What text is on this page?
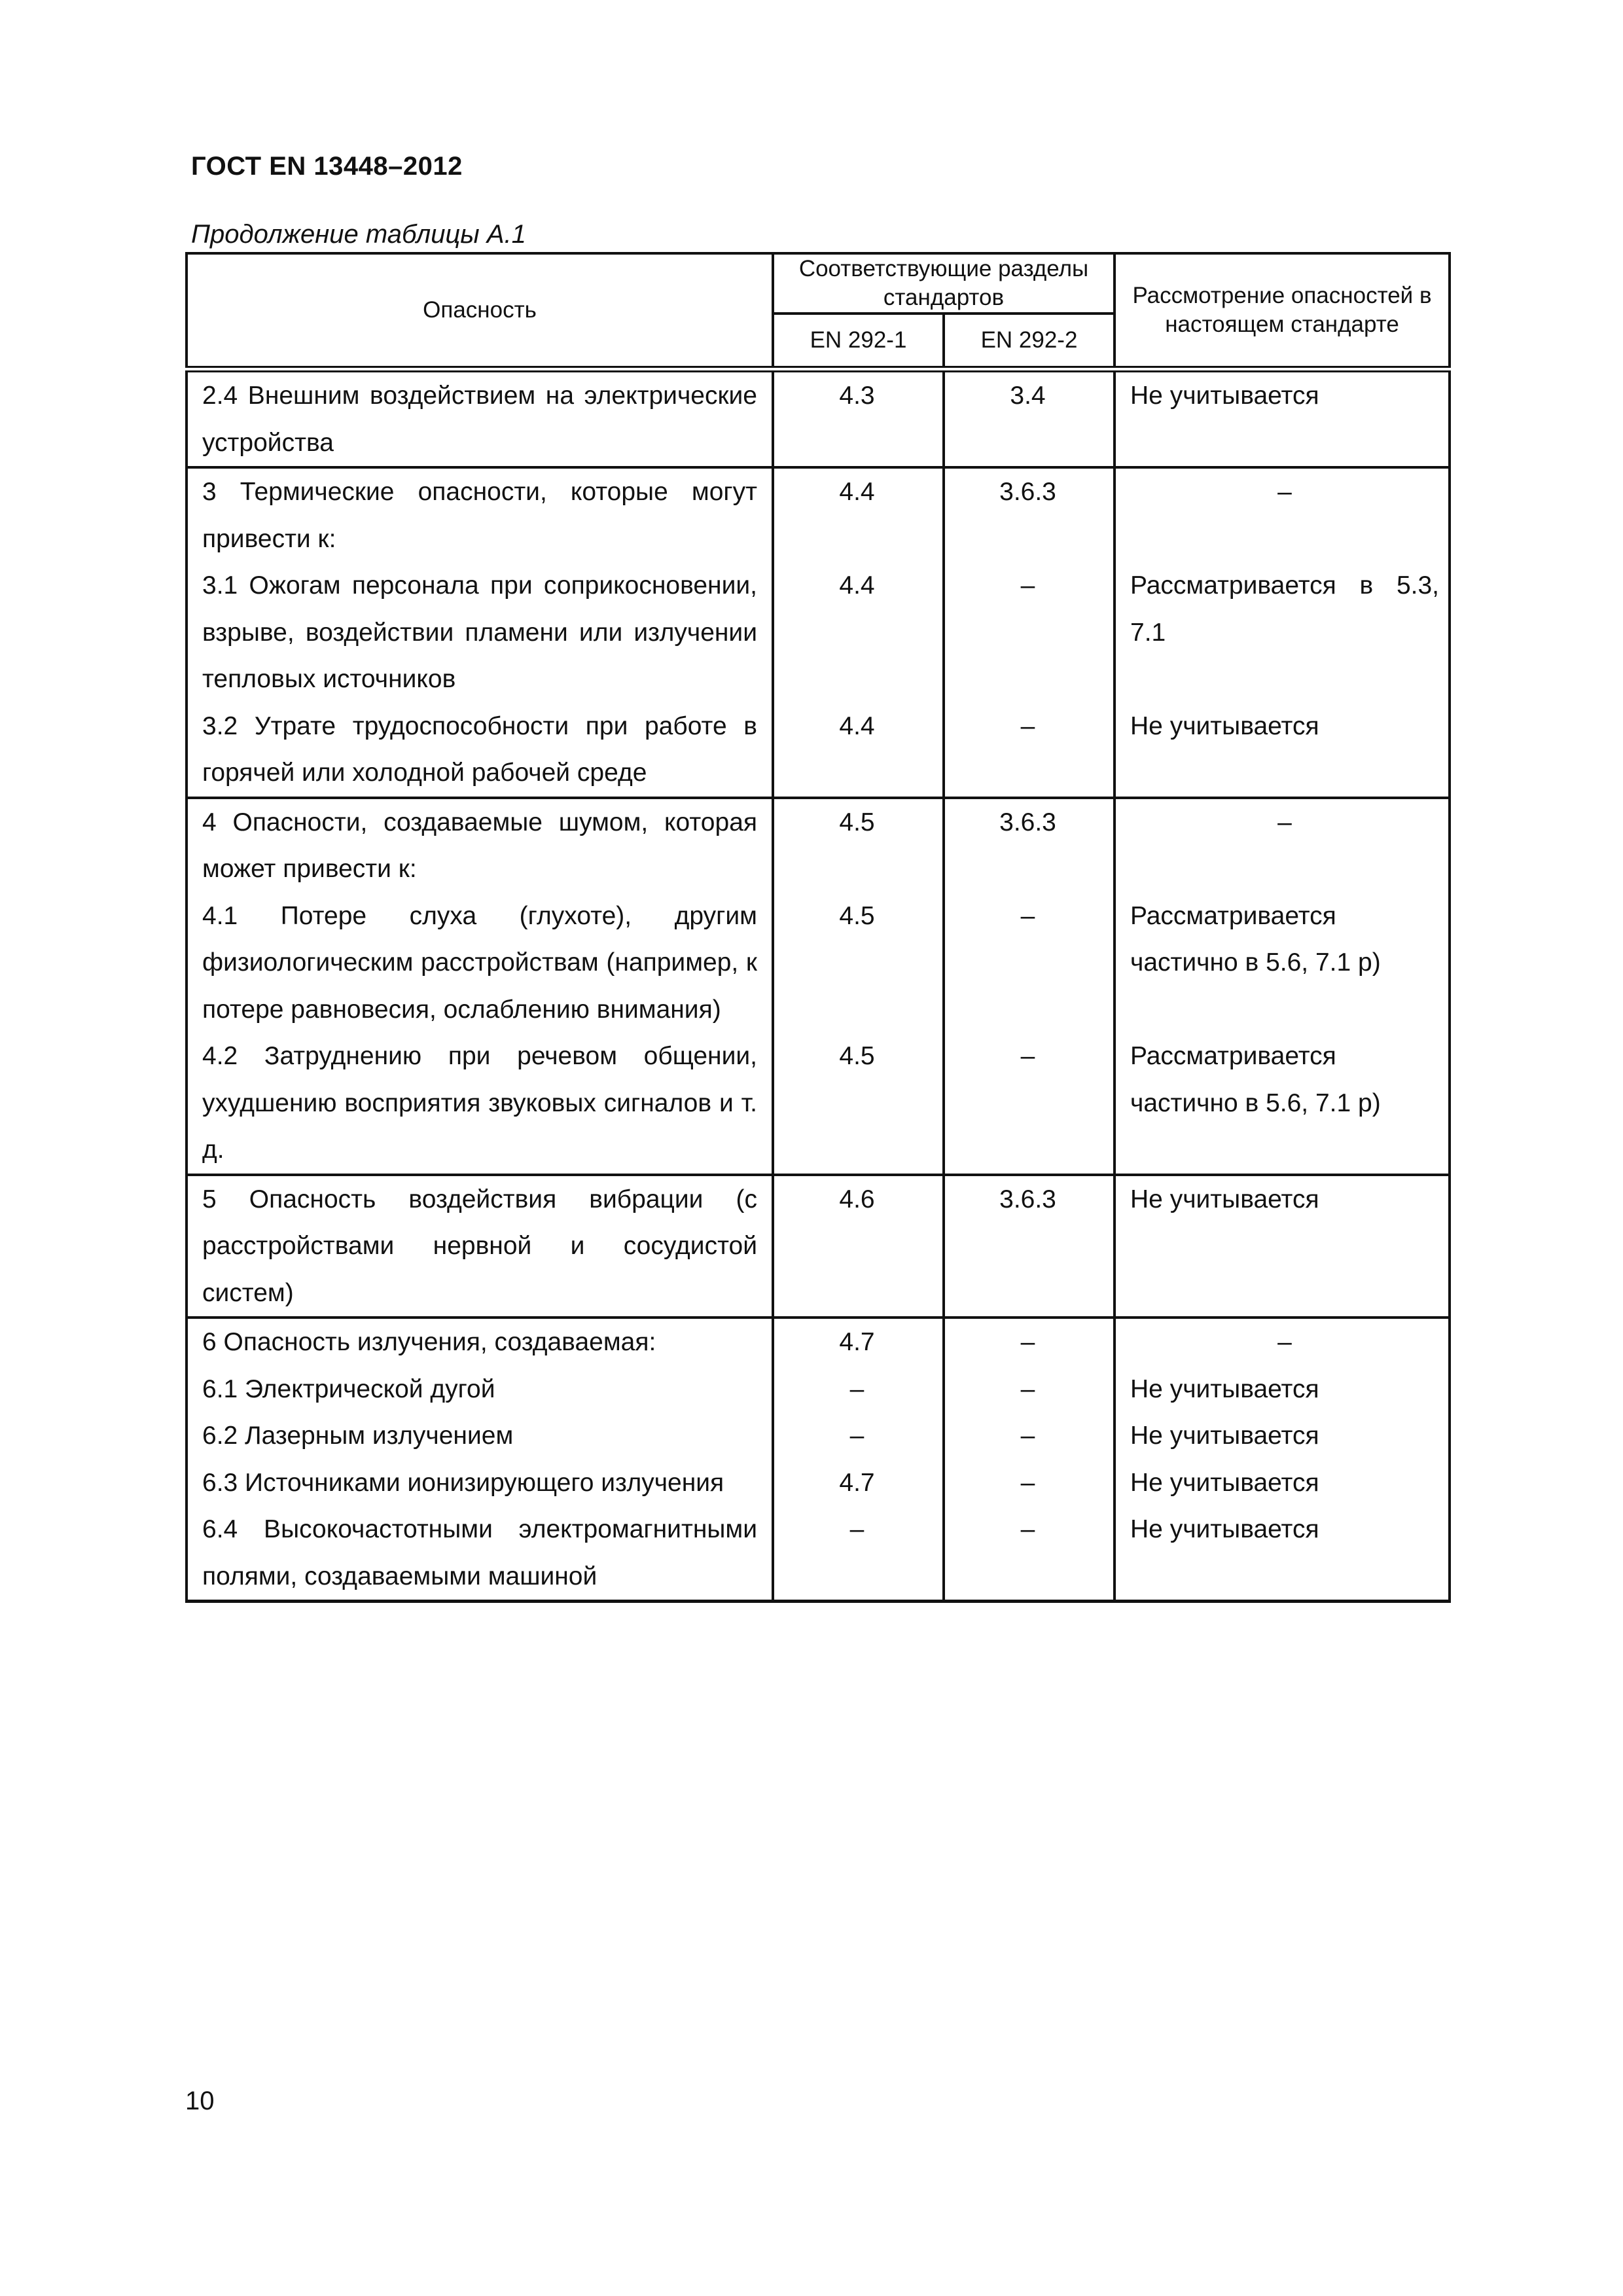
ГОСТ EN 13448–2012
Продолжение таблицы А.1
Опасность	Соответствующие разделы стандартов		Рассмотрение опасностей в настоящем стандарте
	EN 292-1	EN 292-2	
2.4 Внешним воздействием на электрические устройства	4.3	3.4	Не учитывается
3 Термические опасности, которые могут привести к:	4.4	3.6.3	–
3.1 Ожогам персонала при соприкосновении, взрыве, воздействии пламени или излучении тепловых источников	4.4	–	Рассматривается в 5.3, 7.1
3.2 Утрате трудоспособности при работе в горячей или холодной рабочей среде	4.4	–	Не учитывается
4 Опасности, создаваемые шумом, которая может привести к:	4.5	3.6.3	–
4.1 Потере слуха (глухоте), другим физиологическим расстройствам (например, к потере равновесия, ослаблению внимания)	4.5	–	Рассматривается частично в 5.6, 7.1 р)
4.2 Затруднению при речевом общении, ухудшению восприятия звуковых сигналов и т. д.	4.5	–	Рассматривается частично в 5.6, 7.1 р)
5 Опасность воздействия вибрации (с расстройствами нервной и сосудистой систем)	4.6	3.6.3	Не учитывается
6 Опасность излучения, создаваемая:	4.7	–	–
6.1 Электрической дугой	–	–	Не учитывается
6.2 Лазерным излучением	–	–	Не учитывается
6.3 Источниками ионизирующего излучения	4.7	–	Не учитывается
6.4 Высокочастотными электромагнитными полями, создаваемыми машиной	–	–	Не учитывается
10
